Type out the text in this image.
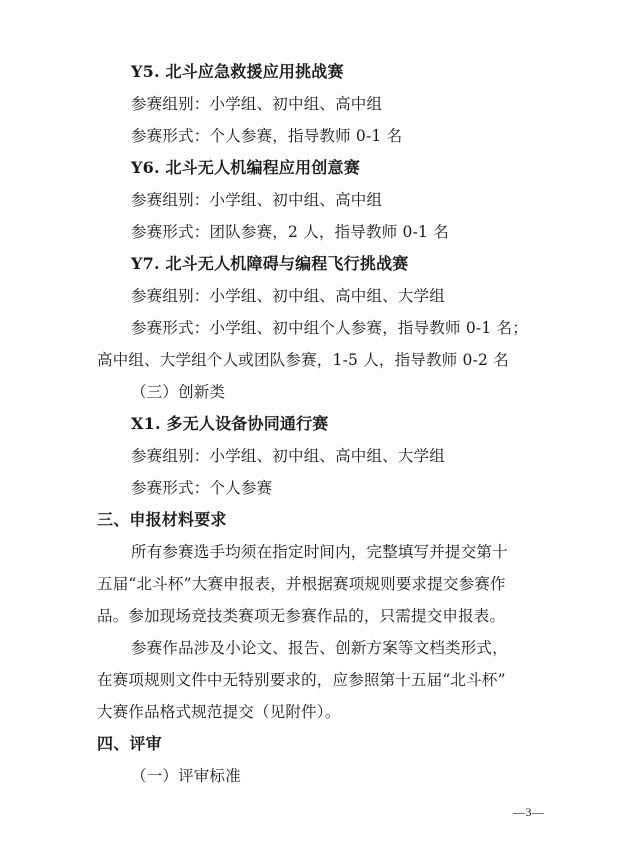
Y5. 北斗应急救援应用挑战赛
参赛组别：小学组、初中组、高中组
参赛形式：个人参赛，指导教师 0-1 名
Y6. 北斗无人机编程应用创意赛
参赛组别：小学组、初中组、高中组
参赛形式：团队参赛，2 人，指导教师 0-1 名
Y7. 北斗无人机障碍与编程飞行挑战赛
参赛组别：小学组、初中组、高中组、大学组
参赛形式：小学组、初中组个人参赛，指导教师 0-1 名；
高中组、大学组个人或团队参赛，1-5 人，指导教师 0-2 名
（三）创新类
X1. 多无人设备协同通行赛
参赛组别：小学组、初中组、高中组、大学组
参赛形式：个人参赛
三、申报材料要求
所有参赛选手均须在指定时间内，完整填写并提交第十
五届“北斗杯”大赛申报表，并根据赛项规则要求提交参赛作
品。参加现场竞技类赛项无参赛作品的，只需提交申报表。
参赛作品涉及小论文、报告、创新方案等文档类形式，
在赛项规则文件中无特别要求的，应参照第十五届“北斗杯”
大赛作品格式规范提交（见附件）。
四、评审
（一）评审标准
—3—
